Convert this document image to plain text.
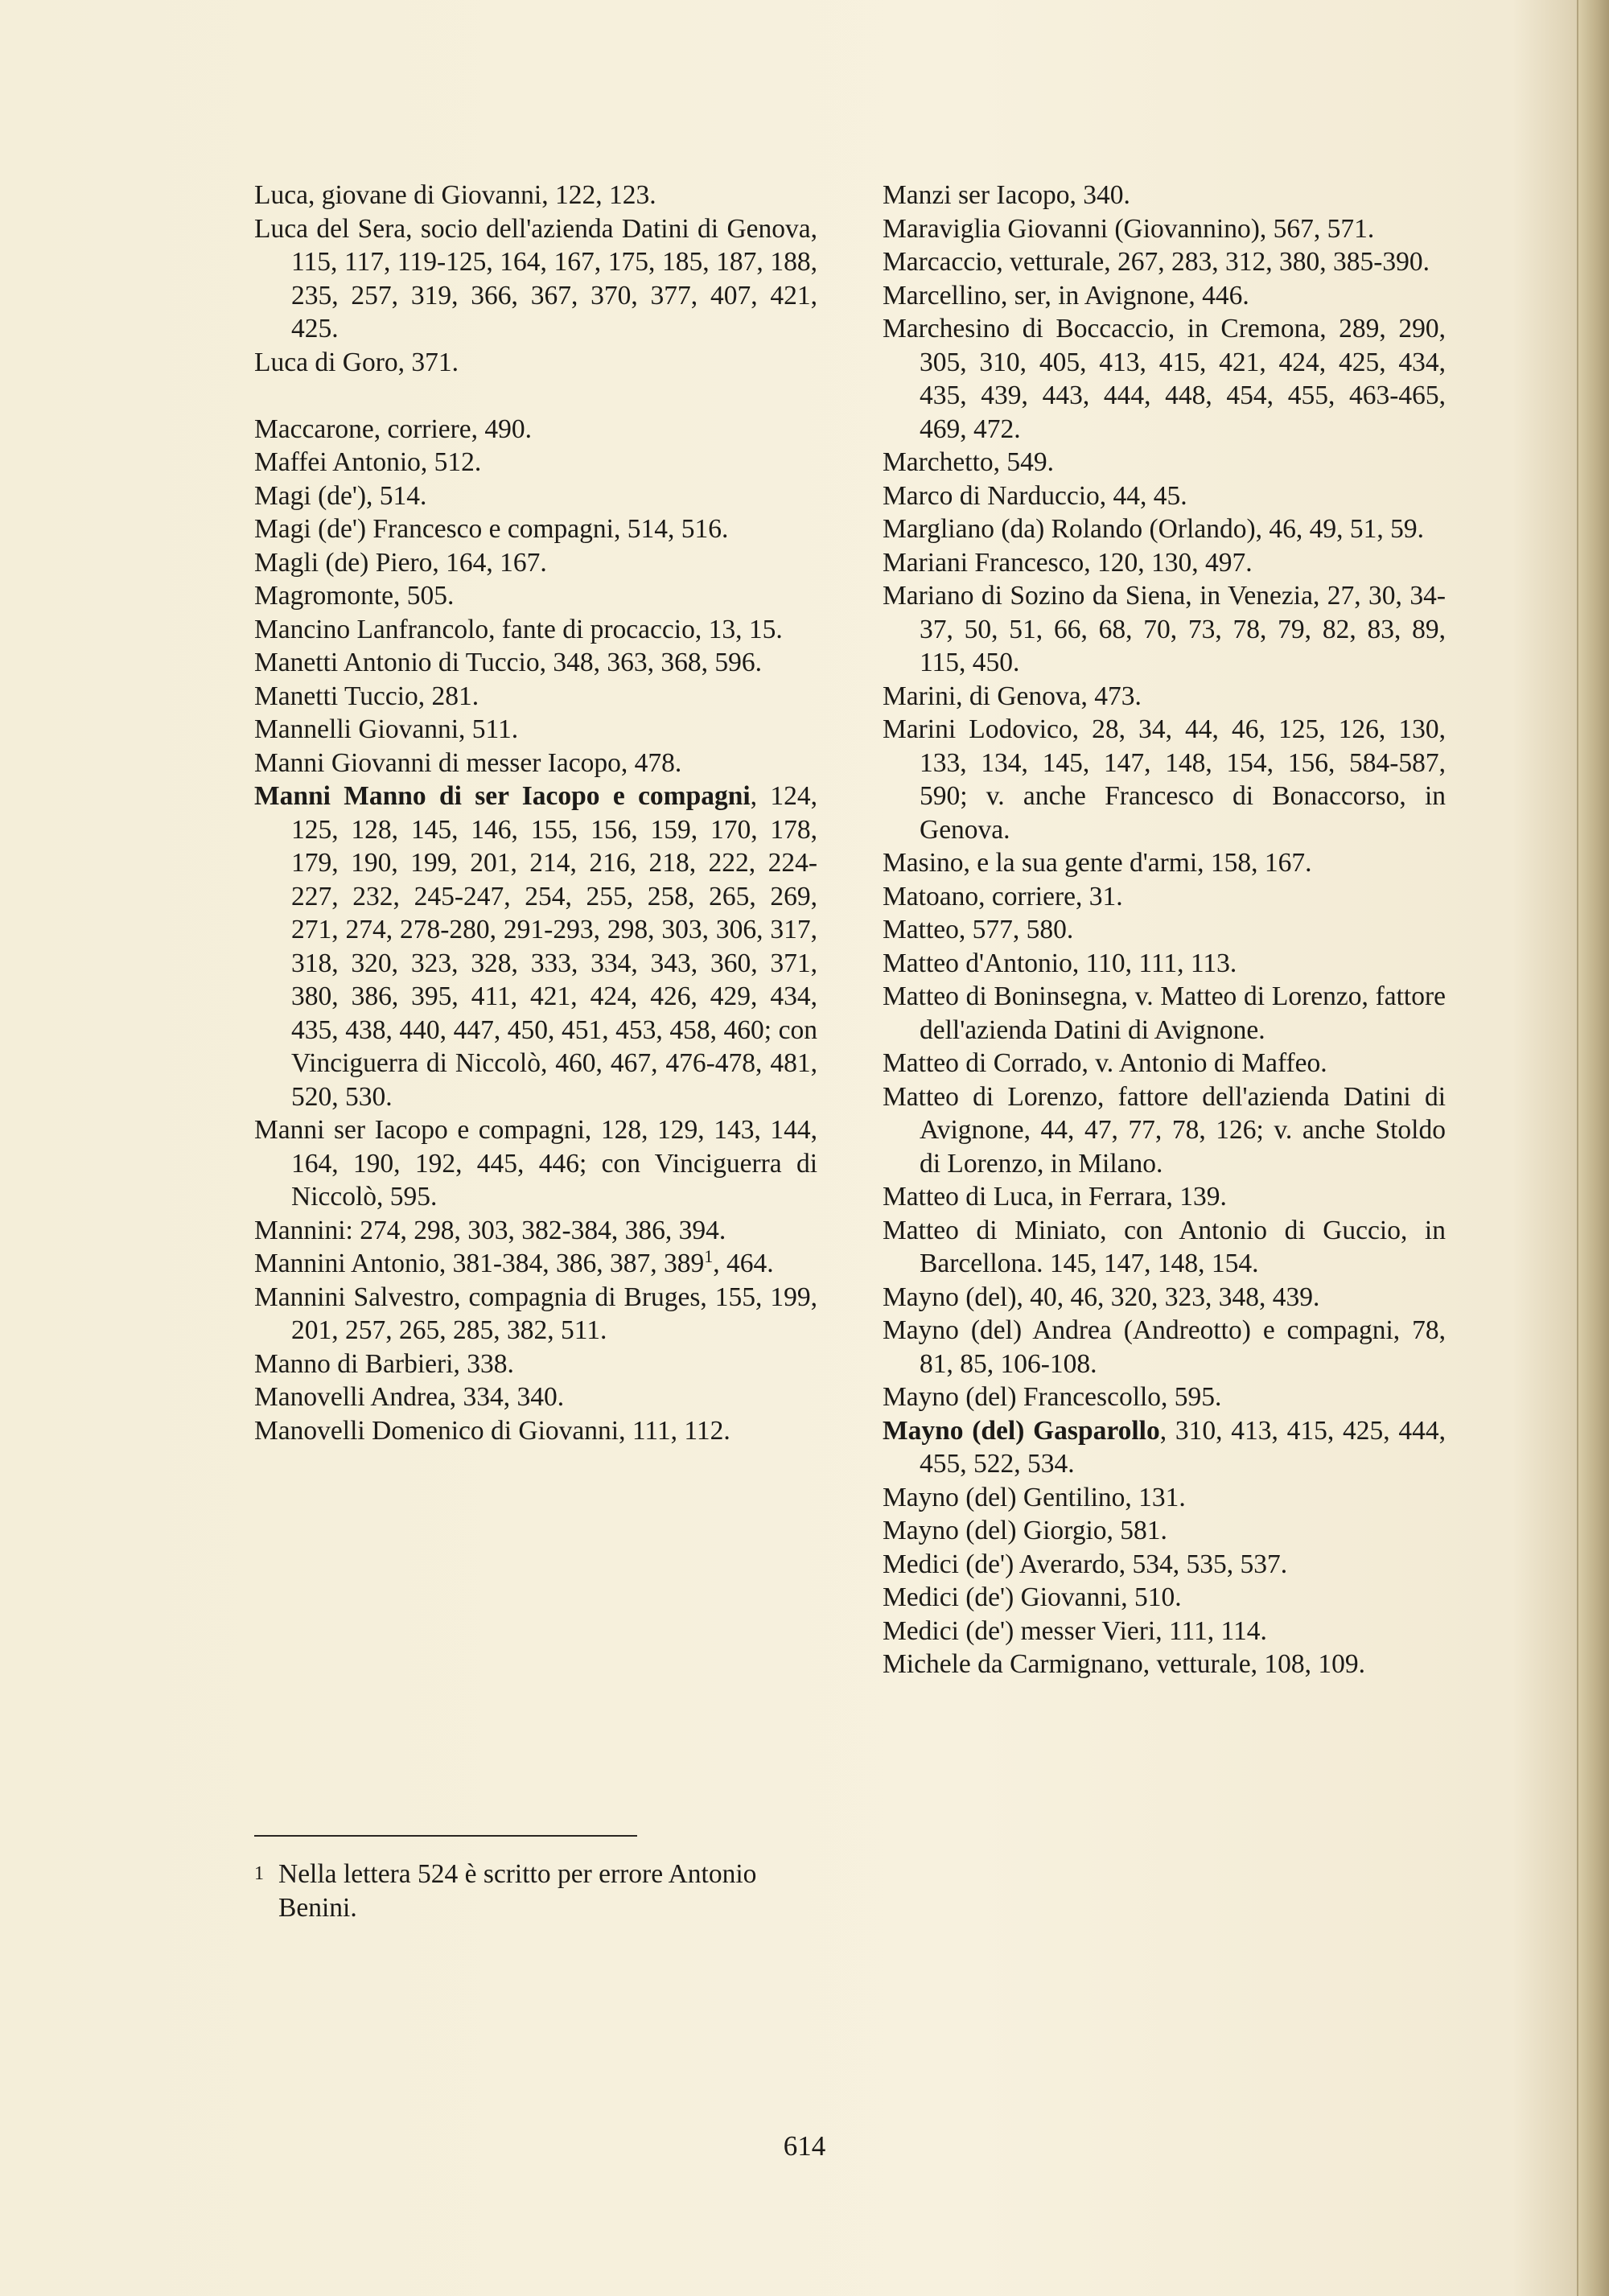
Luca, giovane di Giovanni, 122, 123.
Luca del Sera, socio dell'azienda Datini di Genova, 115, 117, 119-125, 164, 167, 175, 185, 187, 188, 235, 257, 319, 366, 367, 370, 377, 407, 421, 425.
Luca di Goro, 371.
Maccarone, corriere, 490.
Maffei Antonio, 512.
Magi (de'), 514.
Magi (de') Francesco e compagni, 514, 516.
Magli (de) Piero, 164, 167.
Magromonte, 505.
Mancino Lanfrancolo, fante di procaccio, 13, 15.
Manetti Antonio di Tuccio, 348, 363, 368, 596.
Manetti Tuccio, 281.
Mannelli Giovanni, 511.
Manni Giovanni di messer Iacopo, 478.
Manni Manno di ser Iacopo e compagni, 124, 125, 128, 145, 146, 155, 156, 159, 170, 178, 179, 190, 199, 201, 214, 216, 218, 222, 224-227, 232, 245-247, 254, 255, 258, 265, 269, 271, 274, 278-280, 291-293, 298, 303, 306, 317, 318, 320, 323, 328, 333, 334, 343, 360, 371, 380, 386, 395, 411, 421, 424, 426, 429, 434, 435, 438, 440, 447, 450, 451, 453, 458, 460; con Vinciguerra di Niccolò, 460, 467, 476-478, 481, 520, 530.
Manni ser Iacopo e compagni, 128, 129, 143, 144, 164, 190, 192, 445, 446; con Vinciguerra di Niccolò, 595.
Mannini: 274, 298, 303, 382-384, 386, 394.
Mannini Antonio, 381-384, 386, 387, $389^1$, 464.
Mannini Salvestro, compagnia di Bruges, 155, 199, 201, 257, 265, 285, 382, 511.
Manno di Barbieri, 338.
Manovelli Andrea, 334, 340.
Manovelli Domenico di Giovanni, 111, 112.
1 Nella lettera 524 è scritto per errore Antonio Benini.
Manzi ser Iacopo, 340.
Maraviglia Giovanni (Giovannino), 567, 571.
Marcaccio, vetturale, 267, 283, 312, 380, 385-390.
Marcellino, ser, in Avignone, 446.
Marchesino di Boccaccio, in Cremona, 289, 290, 305, 310, 405, 413, 415, 421, 424, 425, 434, 435, 439, 443, 444, 448, 454, 455, 463-465, 469, 472.
Marchetto, 549.
Marco di Narduccio, 44, 45.
Margliano (da) Rolando (Orlando), 46, 49, 51, 59.
Mariani Francesco, 120, 130, 497.
Mariano di Sozino da Siena, in Venezia, 27, 30, 34-37, 50, 51, 66, 68, 70, 73, 78, 79, 82, 83, 89, 115, 450.
Marini, di Genova, 473.
Marini Lodovico, 28, 34, 44, 46, 125, 126, 130, 133, 134, 145, 147, 148, 154, 156, 584-587, 590; v. anche Francesco di Bonaccorso, in Genova.
Masino, e la sua gente d'armi, 158, 167.
Matoano, corriere, 31.
Matteo, 577, 580.
Matteo d'Antonio, 110, 111, 113.
Matteo di Boninsegna, v. Matteo di Lorenzo, fattore dell'azienda Datini di Avignone.
Matteo di Corrado, v. Antonio di Maffeo.
Matteo di Lorenzo, fattore dell'azienda Datini di Avignone, 44, 47, 77, 78, 126; v. anche Stoldo di Lorenzo, in Milano.
Matteo di Luca, in Ferrara, 139.
Matteo di Miniato, con Antonio di Guccio, in Barcellona. 145, 147, 148, 154.
Mayno (del), 40, 46, 320, 323, 348, 439.
Mayno (del) Andrea (Andreotto) e compagni, 78, 81, 85, 106-108.
Mayno (del) Francescollo, 595.
Mayno (del) Gasparollo, 310, 413, 415, 425, 444, 455, 522, 534.
Mayno (del) Gentilino, 131.
Mayno (del) Giorgio, 581.
Medici (de') Averardo, 534, 535, 537.
Medici (de') Giovanni, 510.
Medici (de') messer Vieri, 111, 114.
Michele da Carmignano, vetturale, 108, 109.
614
